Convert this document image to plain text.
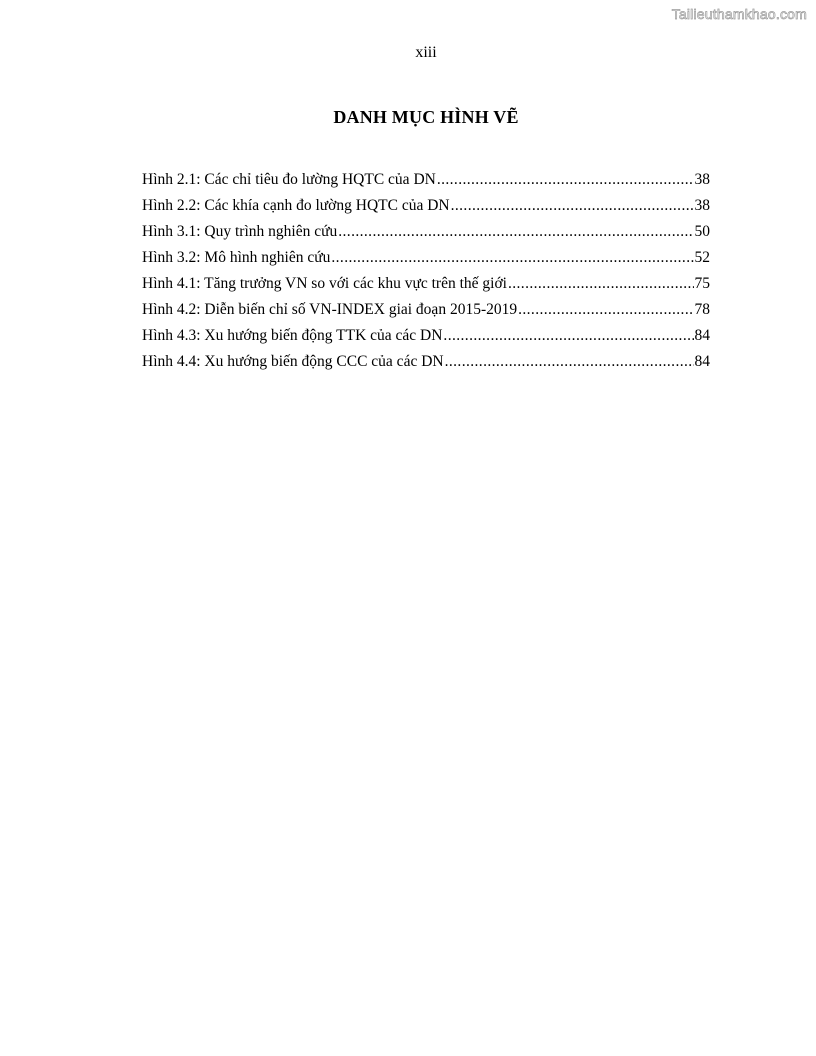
Tailieuthamkhao.com
xiii
DANH MỤC HÌNH VẼ
Hình 2.1: Các chỉ tiêu đo lường HQTC của DN .....	38
Hình 2.2: Các khía cạnh đo lường HQTC của DN .....	38
Hình 3.1: Quy trình nghiên cứu .....	50
Hình 3.2: Mô hình nghiên cứu .....	52
Hình 4.1: Tăng trưởng VN so với các khu vực trên thế giới .....	75
Hình 4.2: Diễn biến chỉ số VN-INDEX giai đoạn 2015-2019 .....	78
Hình 4.3: Xu hướng biến động TTK của các DN .....	84
Hình 4.4: Xu hướng biến động CCC của các DN .....	84
